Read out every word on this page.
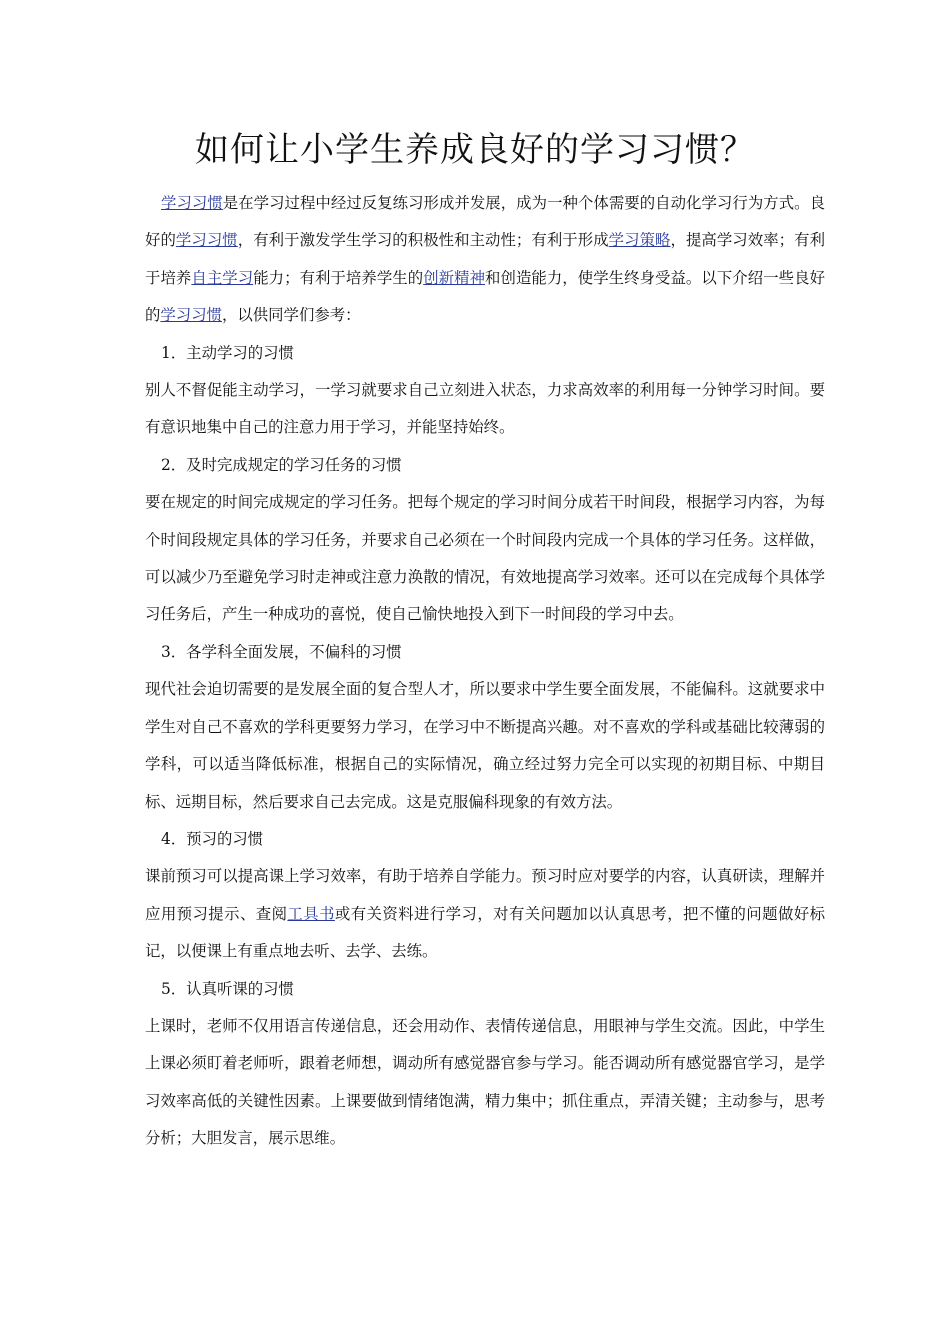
如何让小学生养成良好的学习习惯？

学习习惯是在学习过程中经过反复练习形成并发展，成为一种个体需要的自动化学习行为方式。良好的学习习惯，有利于激发学生学习的积极性和主动性；有利于形成学习策略，提高学习效率；有利于培养自主学习能力；有利于培养学生的创新精神和创造能力，使学生终身受益。以下介绍一些良好的学习习惯，以供同学们参考：

1．主动学习的习惯

别人不督促能主动学习，一学习就要求自己立刻进入状态，力求高效率的利用每一分钟学习时间。要有意识地集中自己的注意力用于学习，并能坚持始终。

2．及时完成规定的学习任务的习惯

要在规定的时间完成规定的学习任务。把每个规定的学习时间分成若干时间段，根据学习内容，为每个时间段规定具体的学习任务，并要求自己必须在一个时间段内完成一个具体的学习任务。这样做，可以减少乃至避免学习时走神或注意力涣散的情况，有效地提高学习效率。还可以在完成每个具体学习任务后，产生一种成功的喜悦，使自己愉快地投入到下一时间段的学习中去。

3．各学科全面发展，不偏科的习惯

现代社会迫切需要的是发展全面的复合型人才，所以要求中学生要全面发展，不能偏科。这就要求中学生对自己不喜欢的学科更要努力学习，在学习中不断提高兴趣。对不喜欢的学科或基础比较薄弱的学科，可以适当降低标准，根据自己的实际情况，确立经过努力完全可以实现的初期目标、中期目标、远期目标，然后要求自己去完成。这是克服偏科现象的有效方法。

4．预习的习惯

课前预习可以提高课上学习效率，有助于培养自学能力。预习时应对要学的内容，认真研读，理解并应用预习提示、查阅工具书或有关资料进行学习，对有关问题加以认真思考，把不懂的问题做好标记，以便课上有重点地去听、去学、去练。

5．认真听课的习惯

上课时，老师不仅用语言传递信息，还会用动作、表情传递信息，用眼神与学生交流。因此，中学生上课必须盯着老师听，跟着老师想，调动所有感觉器官参与学习。能否调动所有感觉器官学习，是学习效率高低的关键性因素。上课要做到情绪饱满，精力集中；抓住重点，弄清关键；主动参与，思考分析；大胆发言，展示思维。
